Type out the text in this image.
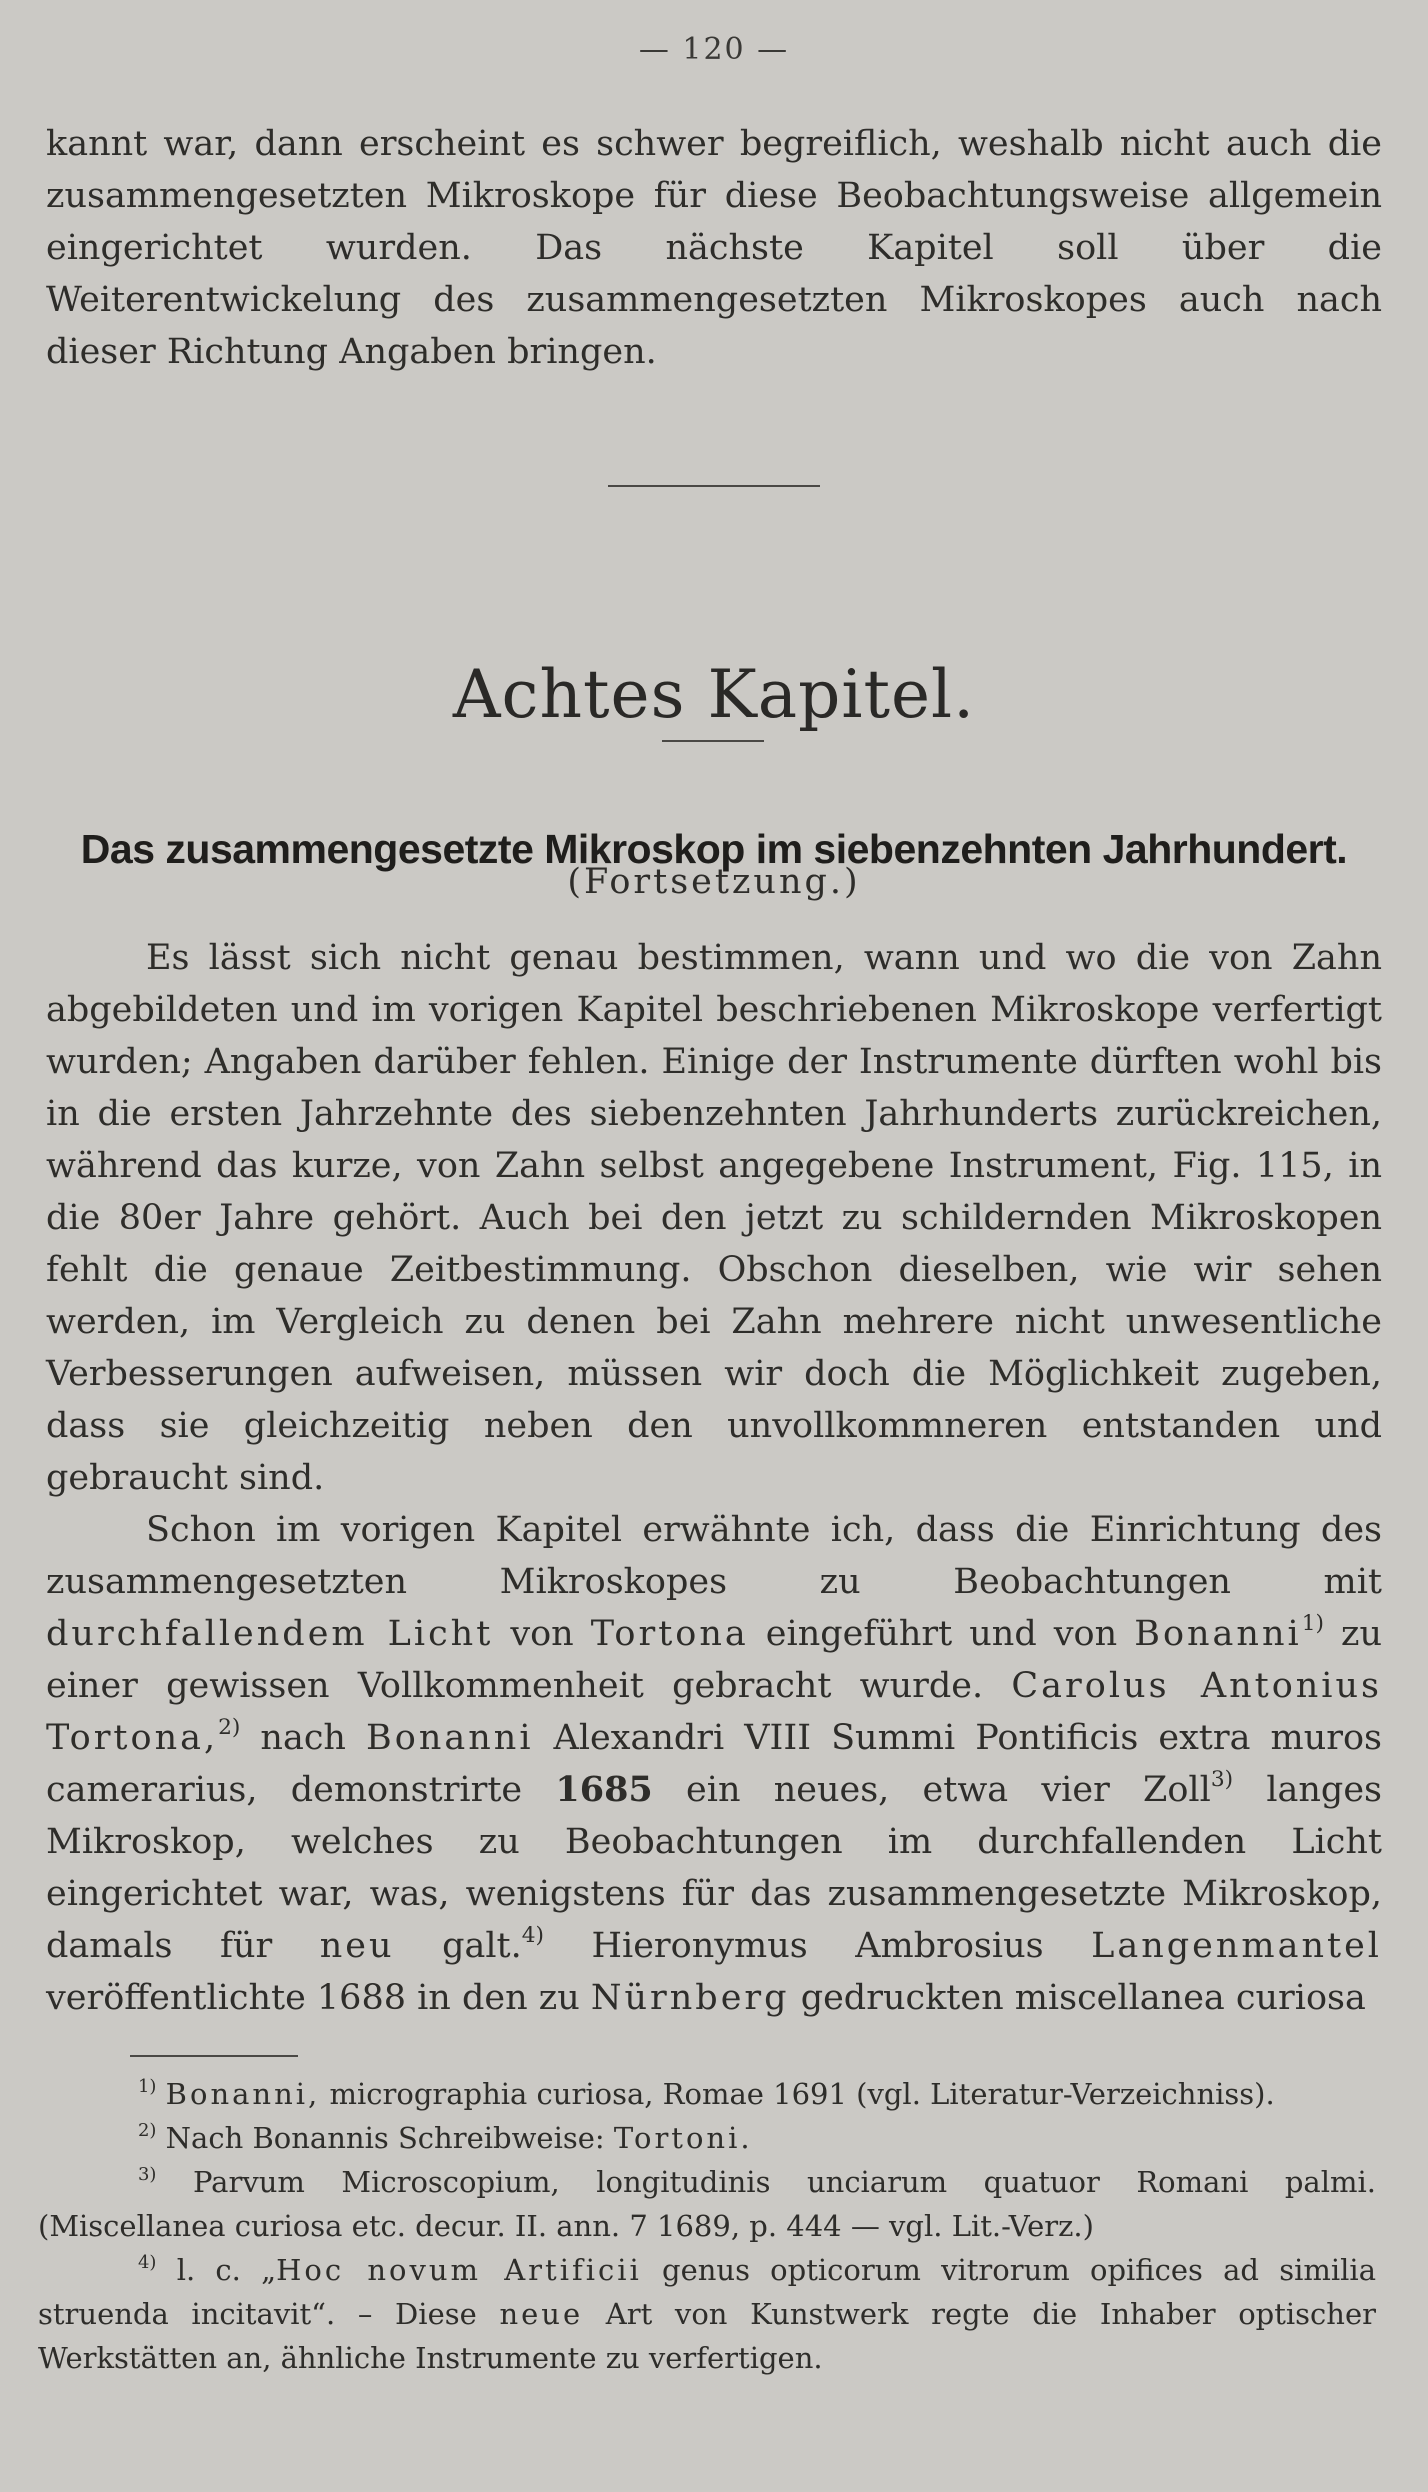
— 120 —

kannt war, dann erscheint es schwer begreiflich, weshalb nicht auch die zusammengesetzten Mikroskope für diese Beobachtungsweise allgemein eingerichtet wurden. Das nächste Kapitel soll über die Weiterentwickelung des zusammengesetzten Mikroskopes auch nach dieser Richtung Angaben bringen.

Achtes Kapitel.
Das zusammengesetzte Mikroskop im siebenzehnten Jahrhundert.
(Fortsetzung.)

Es lässt sich nicht genau bestimmen, wann und wo die von Zahn abgebildeten und im vorigen Kapitel beschriebenen Mikroskope verfertigt wurden; Angaben darüber fehlen. Einige der Instrumente dürften wohl bis in die ersten Jahrzehnte des siebenzehnten Jahrhunderts zurückreichen, während das kurze, von Zahn selbst angegebene Instrument, Fig. 115, in die 80er Jahre gehört. Auch bei den jetzt zu schildernden Mikroskopen fehlt die genaue Zeitbestimmung. Obschon dieselben, wie wir sehen werden, im Vergleich zu denen bei Zahn mehrere nicht unwesentliche Verbesserungen aufweisen, müssen wir doch die Möglichkeit zugeben, dass sie gleichzeitig neben den unvollkommneren entstanden und gebraucht sind.

Schon im vorigen Kapitel erwähnte ich, dass die Einrichtung des zusammengesetzten Mikroskopes zu Beobachtungen mit durchfallendem Licht von Tortona eingeführt und von Bonanni$^{1)}$ zu einer gewissen Vollkommenheit gebracht wurde. Carolus Antonius Tortona,$^{2)}$ nach Bonanni Alexandri VIII Summi Pontificis extra muros camerarius, demonstrirte 1685 ein neues, etwa vier Zoll$^{3)}$ langes Mikroskop, welches zu Beobachtungen im durchfallenden Licht eingerichtet war, was, wenigstens für das zusammengesetzte Mikroskop, damals für neu galt.$^{4)}$ Hieronymus Ambrosius Langenmantel veröffentlichte 1688 in den zu Nürnberg gedruckten miscellanea curiosa

$^{1)}$ Bonanni, micrographia curiosa, Romae 1691 (vgl. Literatur-Verzeichniss).

$^{2)}$ Nach Bonannis Schreibweise: Tortoni.

$^{3)}$ Parvum Microscopium, longitudinis unciarum quatuor Romani palmi. (Miscellanea curiosa etc. decur. II. ann. 7 1689, p. 444 — vgl. Lit.-Verz.)

$^{4)}$ l. c. „Hoc novum Artificii genus opticorum vitrorum opifices ad similia struenda incitavit“. – Diese neue Art von Kunstwerk regte die Inhaber optischer Werkstätten an, ähnliche Instrumente zu verfertigen.
